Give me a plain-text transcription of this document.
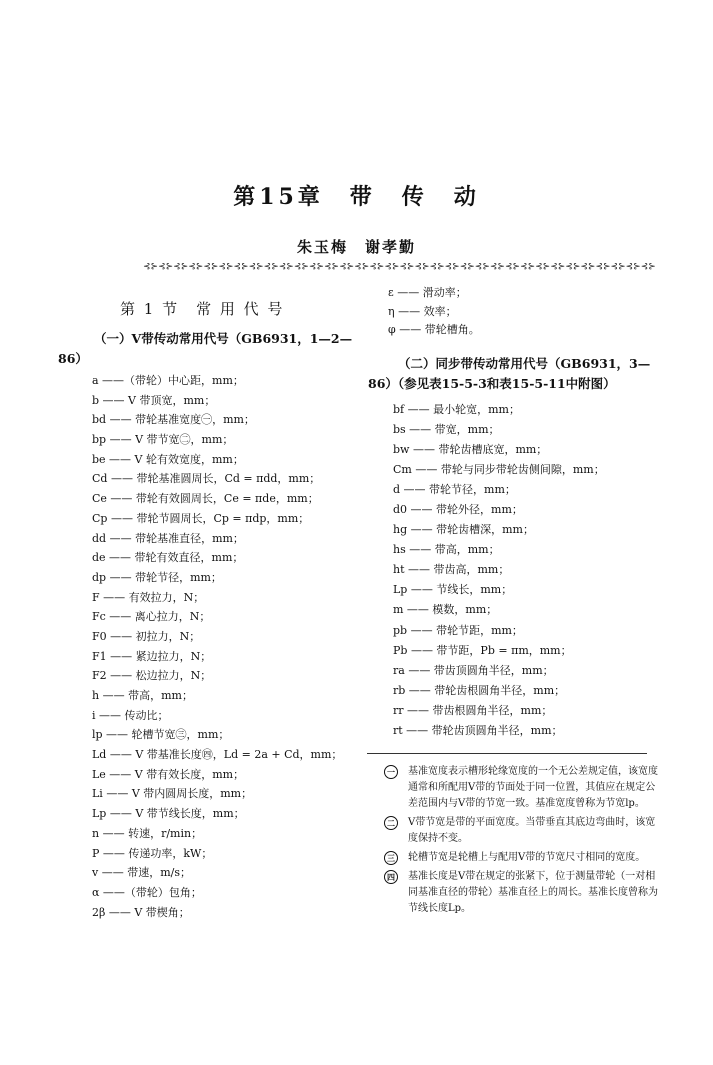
第15章　带　传　动
朱玉梅　谢孝勤
⊰⊱⊰⊱⊰⊱⊰⊱⊰⊱⊰⊱⊰⊱⊰⊱⊰⊱⊰⊱⊰⊱⊰⊱⊰⊱⊰⊱⊰⊱⊰⊱⊰⊱⊰⊱⊰⊱⊰⊱⊰⊱⊰⊱⊰⊱⊰⊱⊰⊱⊰⊱⊰⊱⊰⊱⊰⊱⊰⊱⊰⊱⊰⊱⊰⊱⊰⊱
第 1 节　常 用 代 号
（一）V带传动常用代号（GB6931，1—2—86）
a ——（带轮）中心距，mm；
b —— V 带顶宽，mm；
bd —— 带轮基准宽度㊀，mm；
bp —— V 带节宽㊁，mm；
be —— V 轮有效宽度，mm；
Cd —— 带轮基准圆周长，Cd = πdd，mm；
Ce —— 带轮有效圆周长，Ce = πde，mm；
Cp —— 带轮节圆周长，Cp = πdp，mm；
dd —— 带轮基准直径，mm；
de —— 带轮有效直径，mm；
dp —— 带轮节径，mm；
F —— 有效拉力，N；
Fc —— 离心拉力，N；
F0 —— 初拉力，N；
F1 —— 紧边拉力，N；
F2 —— 松边拉力，N；
h —— 带高，mm；
i —— 传动比；
lp —— 轮槽节宽㊂，mm；
Ld —— V 带基准长度㊃，Ld = 2a + Cd，mm；
Le —— V 带有效长度，mm；
Li —— V 带内圆周长度，mm；
Lp —— V 带节线长度，mm；
n —— 转速，r/min；
P —— 传递功率，kW；
v —— 带速，m/s；
α ——（带轮）包角；
2β —— V 带楔角；
ε —— 滑动率；
η —— 效率；
φ —— 带轮槽角。
（二）同步带传动常用代号（GB6931，3—86）（参见表15-5-3和表15-5-11中附图）
bf —— 最小轮宽，mm；
bs —— 带宽，mm；
bw —— 带轮齿槽底宽，mm；
Cm —— 带轮与同步带轮齿侧间隙，mm；
d —— 带轮节径，mm；
d0 —— 带轮外径，mm；
hg —— 带轮齿槽深，mm；
hs —— 带高，mm；
ht —— 带齿高，mm；
Lp —— 节线长，mm；
m —— 模数，mm；
pb —— 带轮节距，mm；
Pb —— 带节距，Pb = πm，mm；
ra —— 带齿顶圆角半径，mm；
rb —— 带轮齿根圆角半径，mm；
rr —— 带齿根圆角半径，mm；
rt —— 带轮齿顶圆角半径，mm；
一	基准宽度表示槽形轮缘宽度的一个无公差规定值，该宽度通常和所配用V带的节面处于同一位置，其值应在规定公差范围内与V带的节宽一致。基准宽度曾称为节宽lp。
二	V带节宽是带的平面宽度。当带垂直其底边弯曲时，该宽度保持不变。
三	轮槽节宽是轮槽上与配用V带的节宽尺寸相同的宽度。
四	基准长度是V带在规定的张紧下，位于测量带轮（一对相同基准直径的带轮）基准直径上的周长。基准长度曾称为节线长度Lp。
